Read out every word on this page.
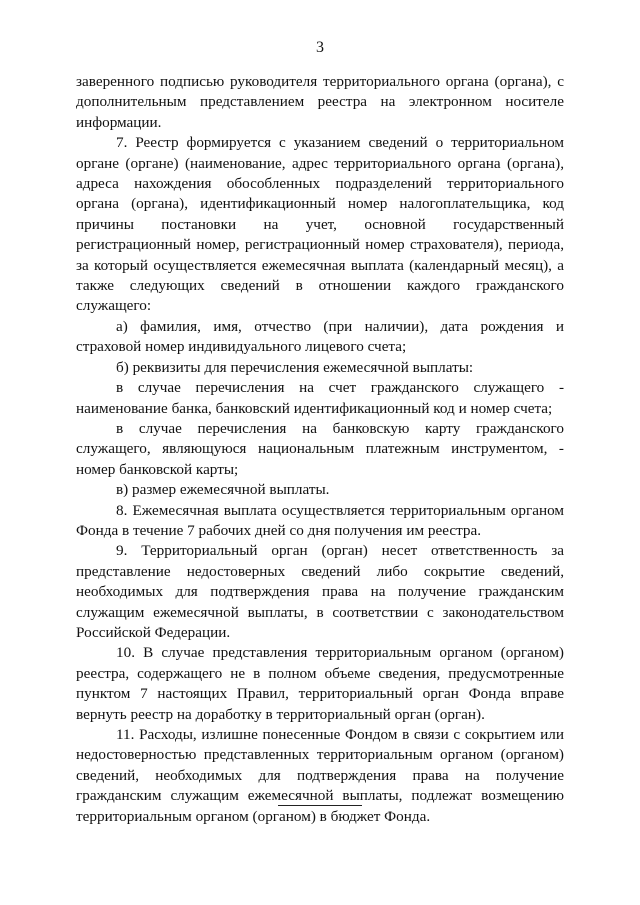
3

заверенного подписью руководителя территориального органа (органа), с дополнительным представлением реестра на электронном носителе информации.

7. Реестр формируется с указанием сведений о территориальном органе (органе) (наименование, адрес территориального органа (органа), адреса нахождения обособленных подразделений территориального органа (органа), идентификационный номер налогоплательщика, код причины постановки на учет, основной государственный регистрационный номер, регистрационный номер страхователя), периода, за который осуществляется ежемесячная выплата (календарный месяц), а также следующих сведений в отношении каждого гражданского служащего:

а) фамилия, имя, отчество (при наличии), дата рождения и страховой номер индивидуального лицевого счета;

б) реквизиты для перечисления ежемесячной выплаты:

в случае перечисления на счет гражданского служащего - наименование банка, банковский идентификационный код и номер счета;

в случае перечисления на банковскую карту гражданского служащего, являющуюся национальным платежным инструментом, - номер банковской карты;

в) размер ежемесячной выплаты.

8. Ежемесячная выплата осуществляется территориальным органом Фонда в течение 7 рабочих дней со дня получения им реестра.

9. Территориальный орган (орган) несет ответственность за представление недостоверных сведений либо сокрытие сведений, необходимых для подтверждения права на получение гражданским служащим ежемесячной выплаты, в соответствии с законодательством Российской Федерации.

10. В случае представления территориальным органом (органом) реестра, содержащего не в полном объеме сведения, предусмотренные пунктом 7 настоящих Правил, территориальный орган Фонда вправе вернуть реестр на доработку в территориальный орган (орган).

11. Расходы, излишне понесенные Фондом в связи с сокрытием или недостоверностью представленных территориальным органом (органом) сведений, необходимых для подтверждения права на получение гражданским служащим ежемесячной выплаты, подлежат возмещению территориальным органом (органом) в бюджет Фонда.
